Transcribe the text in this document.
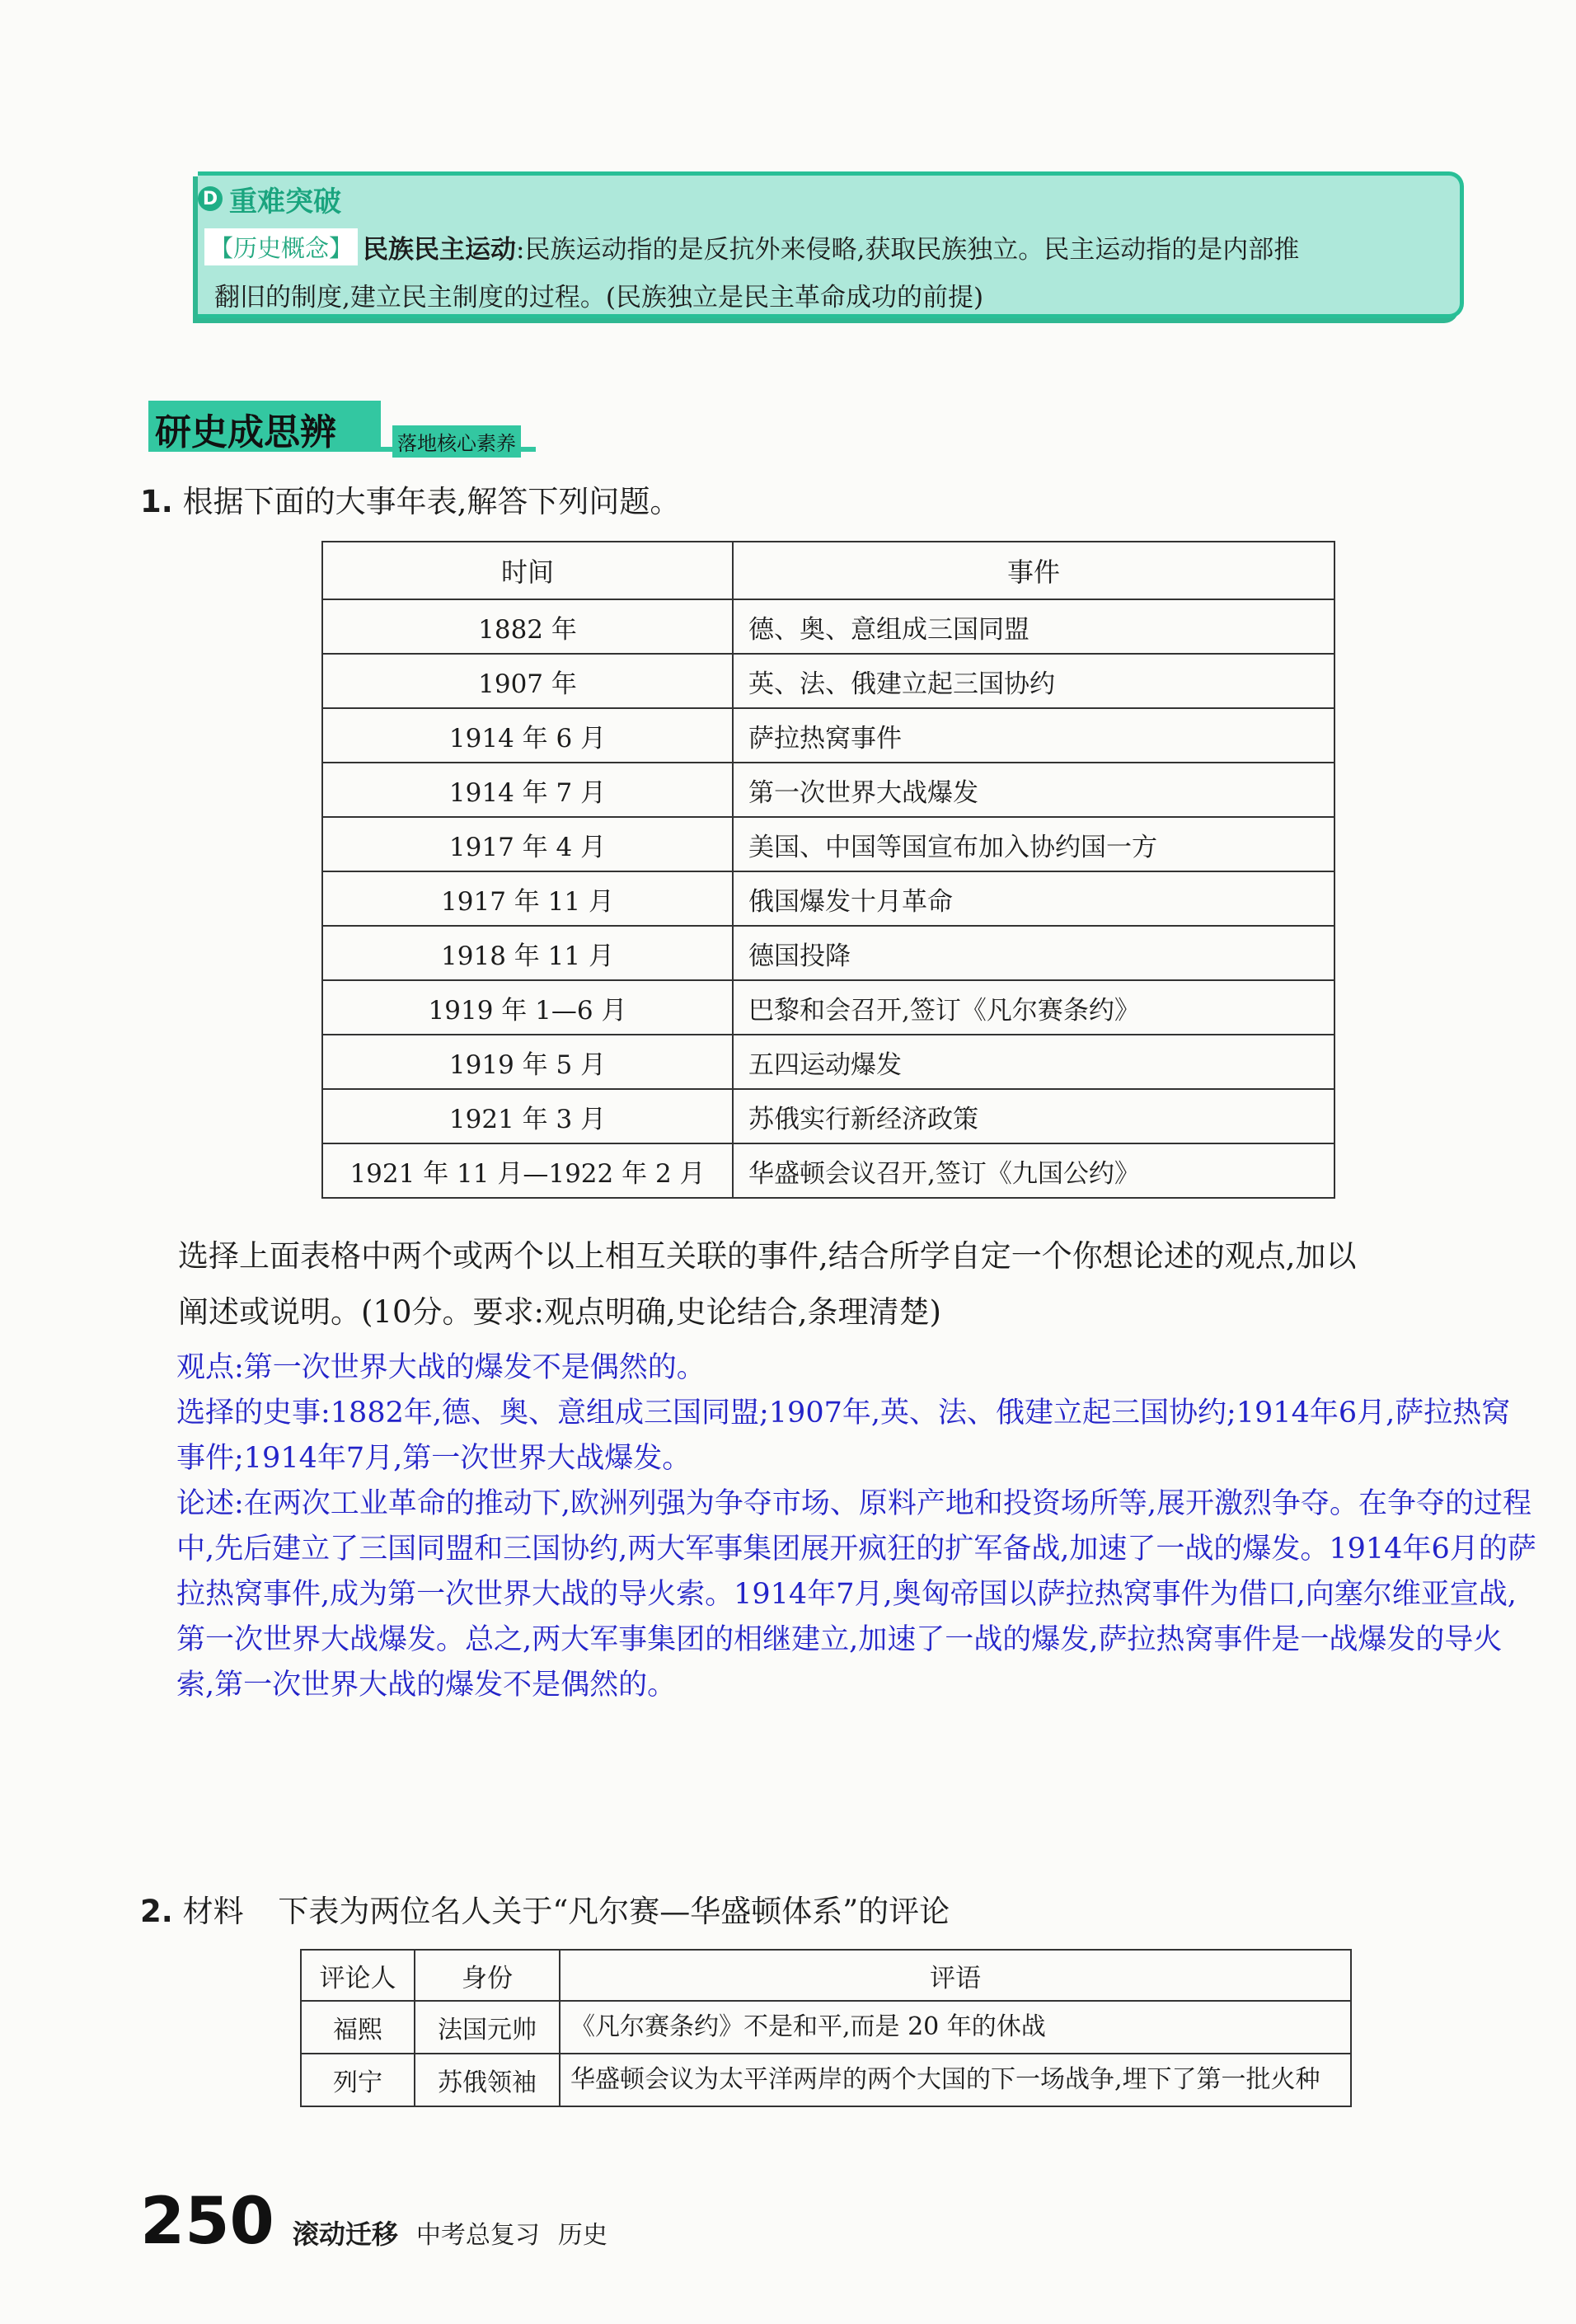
D 重难突破
【历史概念】 民族民主运动 :民族运动指的是反抗外来侵略,获取民族独立。民主运动指的是内部推
翻旧的制度,建立民主制度的过程。(民族独立是民主革命成功的前提)
研史成思辨	落地核心素养
1. 根据下面的大事年表,解答下列问题。
时间	事件
1882 年	德、奥、意组成三国同盟
1907 年	英、法、俄建立起三国协约
1914 年 6 月	萨拉热窝事件
1914 年 7 月	第一次世界大战爆发
1917 年 4 月	美国、中国等国宣布加入协约国一方
1917 年 11 月	俄国爆发十月革命
1918 年 11 月	德国投降
1919 年 1—6 月	巴黎和会召开,签订《凡尔赛条约》
1919 年 5 月	五四运动爆发
1921 年 3 月	苏俄实行新经济政策
1921 年 11 月—1922 年 2 月	华盛顿会议召开,签订《九国公约》
选择上面表格中两个或两个以上相互关联的事件,结合所学自定一个你想论述的观点,加以
阐述或说明。(10分。要求:观点明确,史论结合,条理清楚)

观点:第一次世界大战的爆发不是偶然的。

选择的史事:1882年,德、奥、意组成三国同盟;1907年,英、法、俄建立起三国协约;1914年6月,萨拉热窝事件;1914年7月,第一次世界大战爆发。

论述:在两次工业革命的推动下,欧洲列强为争夺市场、原料产地和投资场所等,展开激烈争夺。在争夺的过程中,先后建立了三国同盟和三国协约,两大军事集团展开疯狂的扩军备战,加速了一战的爆发。1914年6月的萨拉热窝事件,成为第一次世界大战的导火索。1914年7月,奥匈帝国以萨拉热窝事件为借口,向塞尔维亚宣战,第一次世界大战爆发。总之,两大军事集团的相继建立,加速了一战的爆发,萨拉热窝事件是一战爆发的导火索,第一次世界大战的爆发不是偶然的。

2. 材料 下表为两位名人关于“凡尔赛—华盛顿体系”的评论
评论人	身份	评语
福熙	法国元帅	《凡尔赛条约》不是和平,而是 20 年的休战
列宁	苏俄领袖	华盛顿会议为太平洋两岸的两个大国的下一场战争,埋下了第一批火种
250 滚动迁移 中考总复习 历史
